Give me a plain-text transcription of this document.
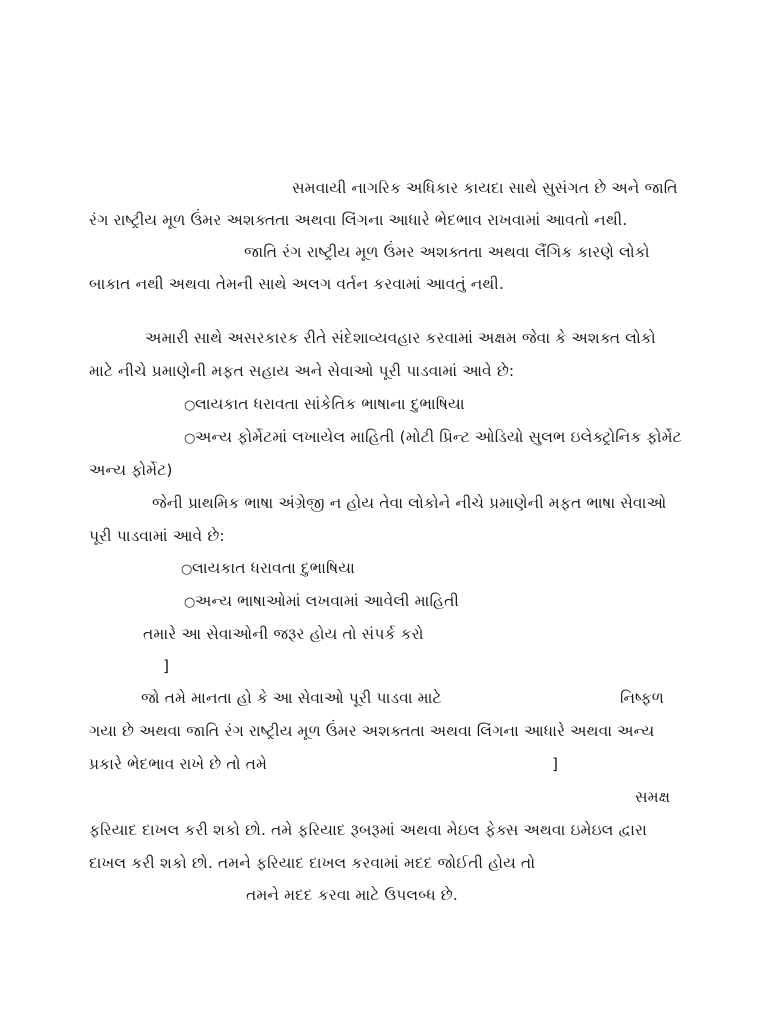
સમવાયી નાગરિક અધિકાર કાયદા સાથે સુસંગત છે અને જાતિ
રંગ રાષ્ટ્રીય મૂળ ઉંમર અશક્તતા અથવા લિંગના આધારે ભેદભાવ રાખવામાં આવતો નથી.
જાતિ રંગ રાષ્ટ્રીય મૂળ ઉંમર અશક્તતા અથવા લૈંગિક કારણે લોકો
બાકાત નથી અથવા તેમની સાથે અલગ વર્તન કરવામાં આવતું નથી.
અમારી સાથે અસરકારક રીતે સંદેશાવ્યવહાર કરવામાં અક્ષમ જેવા કે અશક્ત લોકો
માટે નીચે પ્રમાણેની મફત સહાય અને સેવાઓ પૂરી પાડવામાં આવે છે:
○લાયકાત ધરાવતા સાંકેતિક ભાષાના દુભાષિયા
○અન્ય ફોર્મેટમાં લખાયેલ માહિતી (મોટી પ્રિન્ટ ઓડિયો સુલભ ઇલેક્ટ્રોનિક ફોર્મેટ
અન્ય ફોર્મેટ)
જેની પ્રાથમિક ભાષા અંગ્રેજી ન હોય તેવા લોકોને નીચે પ્રમાણેની મફત ભાષા સેવાઓ
પૂરી પાડવામાં આવે છે:
○લાયકાત ધરાવતા દુભાષિયા
○અન્ય ભાષાઓમાં લખવામાં આવેલી માહિતી
તમારે આ સેવાઓની જરૂર હોય તો સંપર્ક કરો
]
જો તમે માનતા હો કે આ સેવાઓ પૂરી પાડવા માટે	નિષ્ફળ
ગયા છે અથવા જાતિ રંગ રાષ્ટ્રીય મૂળ ઉંમર અશક્તતા અથવા લિંગના આધારે અથવા અન્ય
પ્રકારે ભેદભાવ રાખે છે તો તમે	]
સમક્ષ
ફરિયાદ દાખલ કરી શકો છો. તમે ફરિયાદ રૂબરૂમાં અથવા મેઇલ ફેક્સ અથવા ઇમેઇલ દ્વારા
દાખલ કરી શકો છો. તમને ફરિયાદ દાખલ કરવામાં મદદ જોઈતી હોય તો
તમને મદદ કરવા માટે ઉપલબ્ધ છે.
